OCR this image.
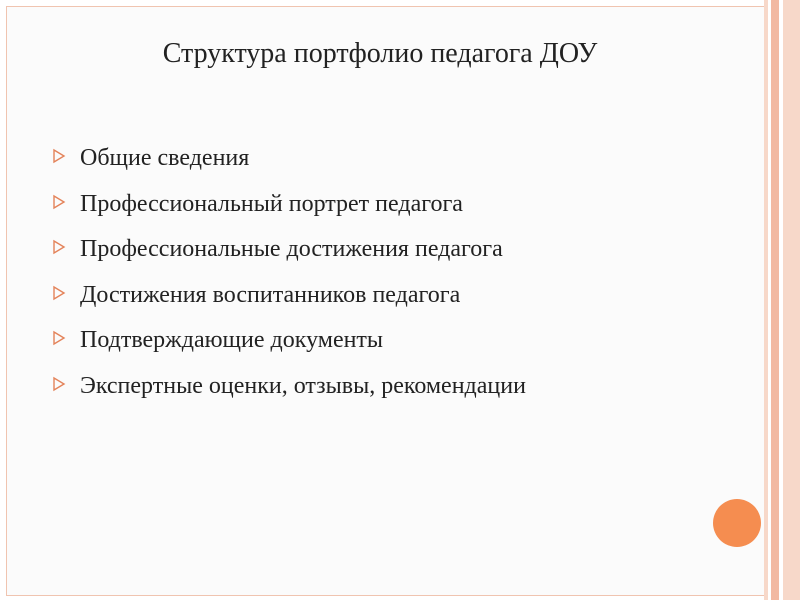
Структура портфолио педагога ДОУ
Общие сведения
Профессиональный портрет педагога
Профессиональные достижения педагога
Достижения воспитанников педагога
Подтверждающие документы
Экспертные оценки, отзывы, рекомендации
